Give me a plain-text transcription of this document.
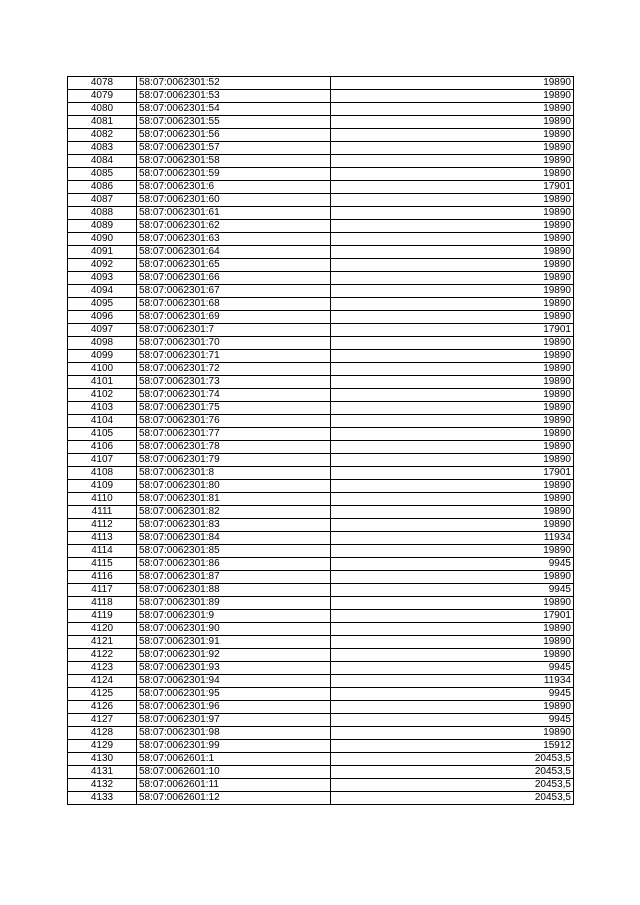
4078	58:07:0062301:52	19890
4079	58:07:0062301:53	19890
4080	58:07:0062301:54	19890
4081	58:07:0062301:55	19890
4082	58:07:0062301:56	19890
4083	58:07:0062301:57	19890
4084	58:07:0062301:58	19890
4085	58:07:0062301:59	19890
4086	58:07:0062301:6	17901
4087	58:07:0062301:60	19890
4088	58:07:0062301:61	19890
4089	58:07:0062301:62	19890
4090	58:07:0062301:63	19890
4091	58:07:0062301:64	19890
4092	58:07:0062301:65	19890
4093	58:07:0062301:66	19890
4094	58:07:0062301:67	19890
4095	58:07:0062301:68	19890
4096	58:07:0062301:69	19890
4097	58:07:0062301:7	17901
4098	58:07:0062301:70	19890
4099	58:07:0062301:71	19890
4100	58:07:0062301:72	19890
4101	58:07:0062301:73	19890
4102	58:07:0062301:74	19890
4103	58:07:0062301:75	19890
4104	58:07:0062301:76	19890
4105	58:07:0062301:77	19890
4106	58:07:0062301:78	19890
4107	58:07:0062301:79	19890
4108	58:07:0062301:8	17901
4109	58:07:0062301:80	19890
4110	58:07:0062301:81	19890
4111	58:07:0062301:82	19890
4112	58:07:0062301:83	19890
4113	58:07:0062301:84	11934
4114	58:07:0062301:85	19890
4115	58:07:0062301:86	9945
4116	58:07:0062301:87	19890
4117	58:07:0062301:88	9945
4118	58:07:0062301:89	19890
4119	58:07:0062301:9	17901
4120	58:07:0062301:90	19890
4121	58:07:0062301:91	19890
4122	58:07:0062301:92	19890
4123	58:07:0062301:93	9945
4124	58:07:0062301:94	11934
4125	58:07:0062301:95	9945
4126	58:07:0062301:96	19890
4127	58:07:0062301:97	9945
4128	58:07:0062301:98	19890
4129	58:07:0062301:99	15912
4130	58:07:0062601:1	20453,5
4131	58:07:0062601:10	20453,5
4132	58:07:0062601:11	20453,5
4133	58:07:0062601:12	20453,5
